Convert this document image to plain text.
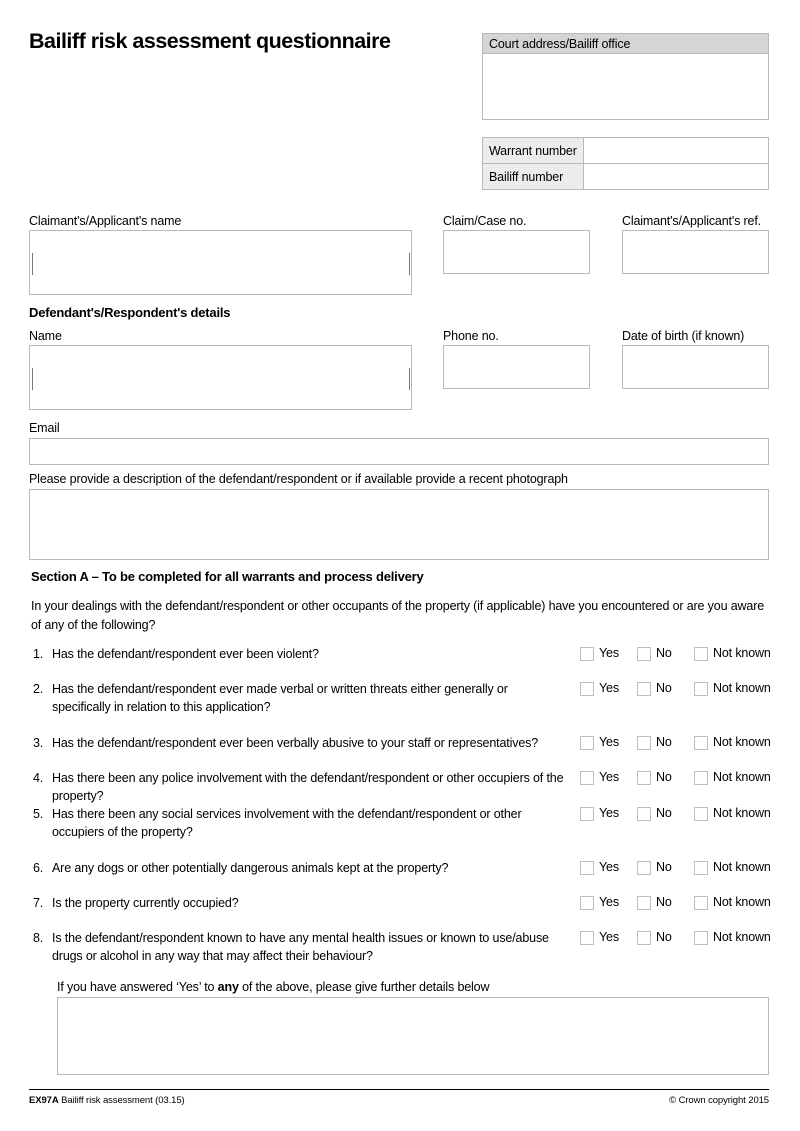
Bailiff risk assessment questionnaire	Court address/Bailiff office
Warrant number	
Bailiff number	
Claimant's/Applicant's name	Claim/Case no.	Claimant's/Applicant's ref.
Defendant's/Respondent's details
Name	Phone no.	Date of birth (if known)
Email
Please provide a description of the defendant/respondent or if available provide a recent photograph
Section A – To be completed for all warrants and process delivery
In your dealings with the defendant/respondent or other occupants of the property (if applicable) have you encountered or are you aware of any of the following?
1. Has the defendant/respondent ever been violent?	Yes	No	Not known
2. Has the defendant/respondent ever made verbal or written threats either generally or specifically in relation to this application?
Yes	No	Not known
3. Has the defendant/respondent ever been verbally abusive to your staff or representatives?	Yes	No	Not known
4. Has there been any police involvement with the defendant/respondent or other occupiers of the property?
Yes	No	Not known
5. Has there been any social services involvement with the defendant/respondent or other occupiers of the property?
Yes	No	Not known
6. Are any dogs or other potentially dangerous animals kept at the property?	Yes	No	Not known
7. Is the property currently occupied?	Yes	No	Not known
8. Is the defendant/respondent known to have any mental health issues or known to use/abuse drugs or alcohol in any way that may affect their behaviour?
Yes	No	Not known
If you have answered ‘Yes’ to any of the above, please give further details below
EX97A Bailiff risk assessment (03.15)	© Crown copyright 2015
